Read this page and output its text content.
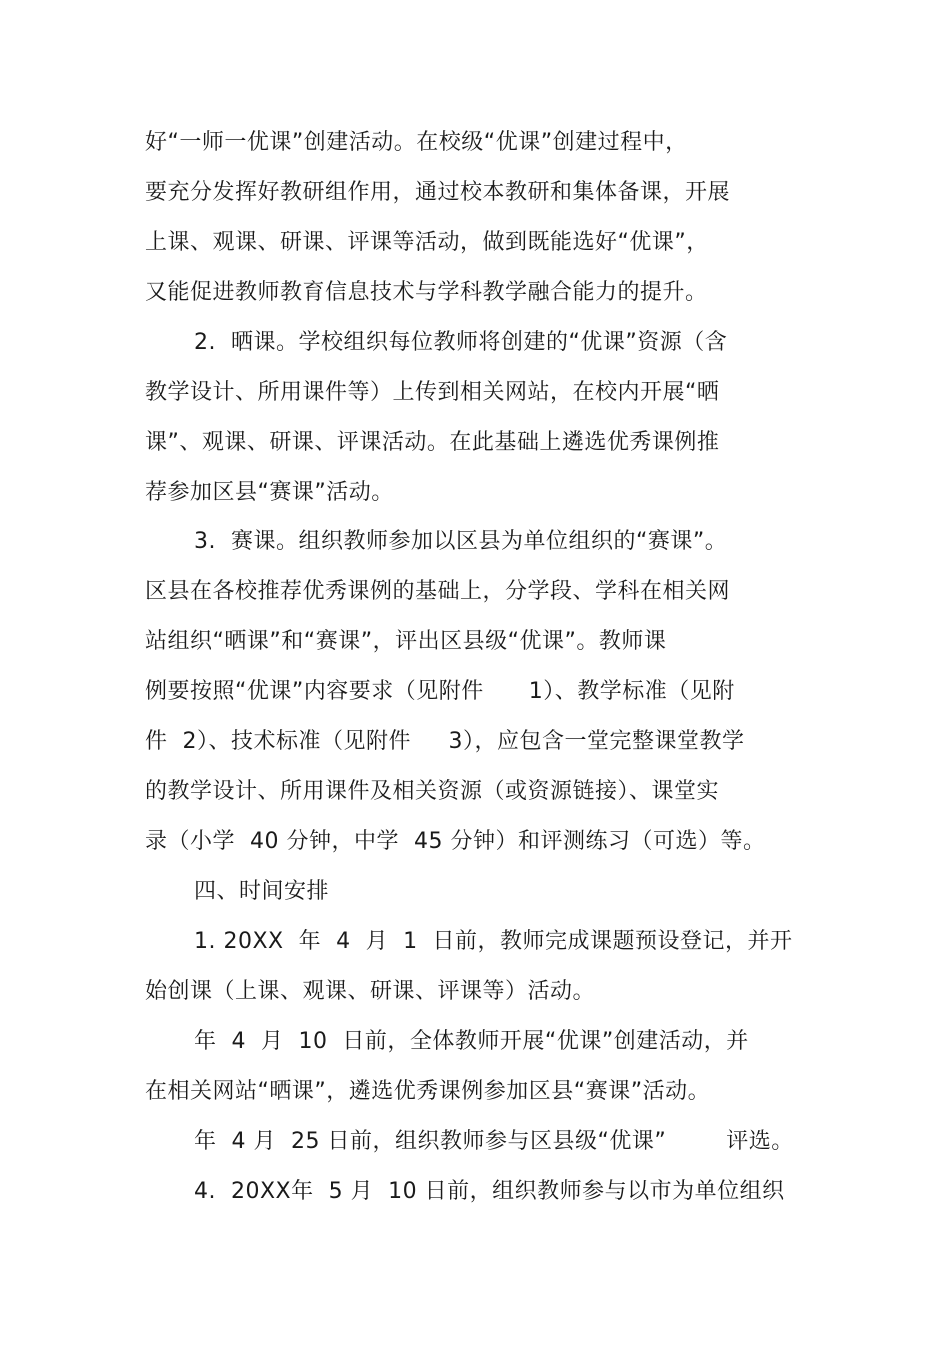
好“一师一优课”创建活动。在校级“优课”创建过程中，
要充分发挥好教研组作用，通过校本教研和集体备课，开展
上课、观课、研课、评课等活动，做到既能选好“优课”，
又能促进教师教育信息技术与学科教学融合能力的提升。
2.  晒课。学校组织每位教师将创建的“优课”资源（含
教学设计、所用课件等）上传到相关网站，在校内开展“晒
课”、观课、研课、评课活动。在此基础上遴选优秀课例推
荐参加区县“赛课”活动。
3.  赛课。组织教师参加以区县为单位组织的“赛课”。
区县在各校推荐优秀课例的基础上，分学段、学科在相关网
站组织“晒课”和“赛课”，评出区县级“优课”。教师课
例要按照“优课”内容要求（见附件      1）、教学标准（见附
件  2）、技术标准（见附件     3），应包含一堂完整课堂教学
的教学设计、所用课件及相关资源（或资源链接）、课堂实
录（小学  40 分钟，中学  45 分钟）和评测练习（可选）等。
四、时间安排
1. 20XX  年  4  月  1  日前，教师完成课题预设登记，并开
始创课（上课、观课、研课、评课等）活动。
年  4  月  10  日前，全体教师开展“优课”创建活动，并
在相关网站“晒课”，遴选优秀课例参加区县“赛课”活动。
年  4 月  25 日前，组织教师参与区县级“优课”        评选。
4.  20XX年  5 月  10 日前，组织教师参与以市为单位组织
